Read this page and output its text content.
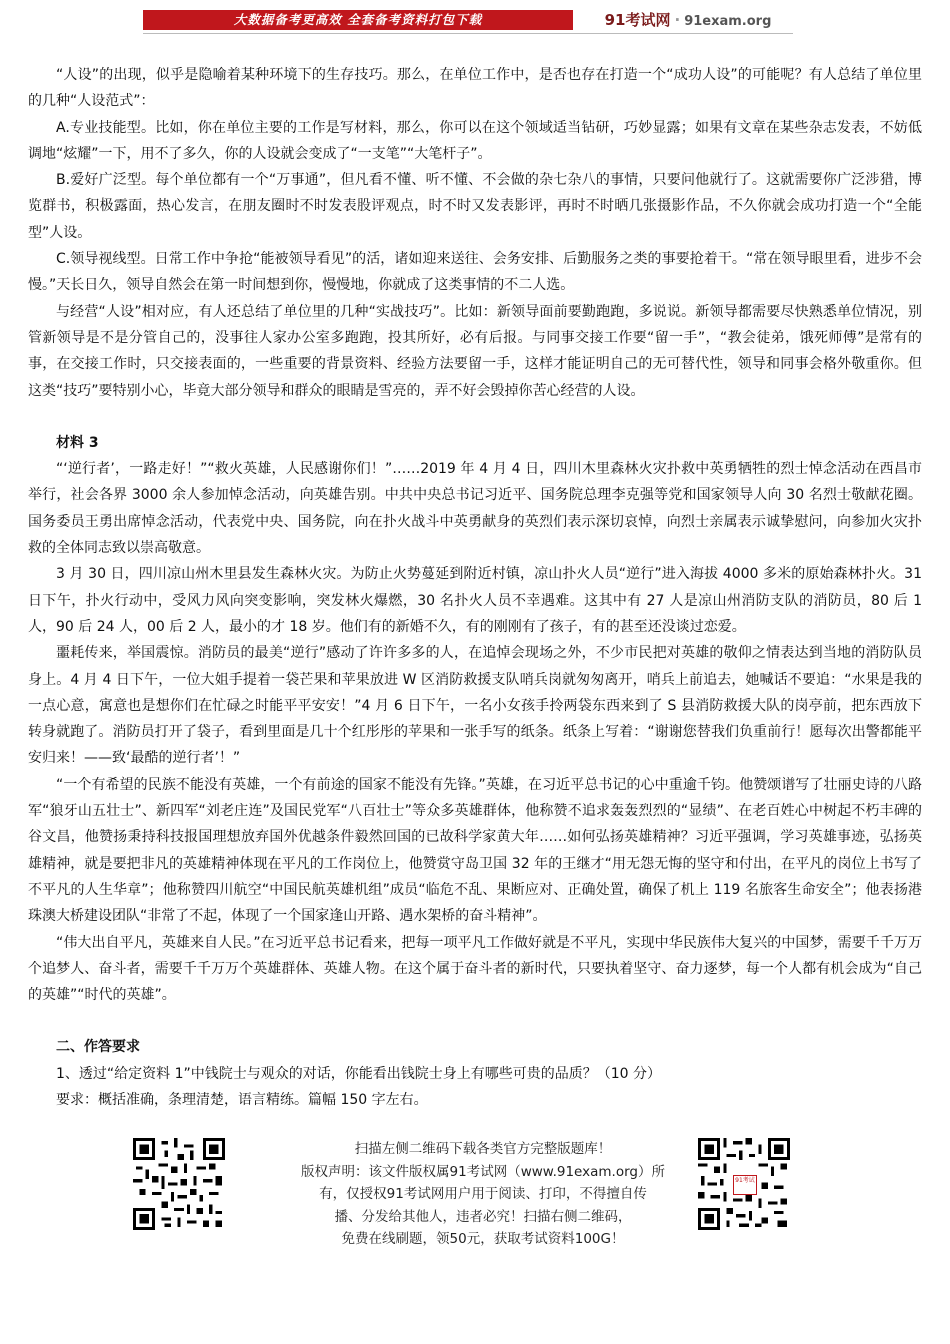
大数据备考更高效 全套备考资料打包下载	91考试网 · 91exam.org

“人设”的出现，似乎是隐喻着某种环境下的生存技巧。那么，在单位工作中，是否也存在打造一个“成功人设”的可能呢？有人总结了单位里的几种“人设范式”：

A.专业技能型。比如，你在单位主要的工作是写材料，那么，你可以在这个领域适当钻研，巧妙显露；如果有文章在某些杂志发表，不妨低调地“炫耀”一下，用不了多久，你的人设就会变成了“一支笔”“大笔杆子”。

B.爱好广泛型。每个单位都有一个“万事通”，但凡看不懂、听不懂、不会做的杂七杂八的事情，只要问他就行了。这就需要你广泛涉猎，博览群书，积极露面，热心发言，在朋友圈时不时发表股评观点，时不时又发表影评，再时不时晒几张摄影作品，不久你就会成功打造一个“全能型”人设。

C.领导视线型。日常工作中争抢“能被领导看见”的活，诸如迎来送往、会务安排、后勤服务之类的事要抢着干。“常在领导眼里看，进步不会慢。”天长日久，领导自然会在第一时间想到你，慢慢地，你就成了这类事情的不二人选。

与经营“人设”相对应，有人还总结了单位里的几种“实战技巧”。比如：新领导面前要勤跑跑，多说说。新领导都需要尽快熟悉单位情况，别管新领导是不是分管自己的，没事往人家办公室多跑跑，投其所好，必有后报。与同事交接工作要“留一手”，“教会徒弟，饿死师傅”是常有的事，在交接工作时，只交接表面的，一些重要的背景资料、经验方法要留一手，这样才能证明自己的无可替代性，领导和同事会格外敬重你。但这类“技巧”要特别小心，毕竟大部分领导和群众的眼睛是雪亮的，弄不好会毁掉你苦心经营的人设。

材料 3

“‘逆行者’，一路走好！”“救火英雄，人民感谢你们！”……2019 年 4 月 4 日，四川木里森林火灾扑救中英勇牺牲的烈士悼念活动在西昌市举行，社会各界 3000 余人参加悼念活动，向英雄告别。中共中央总书记习近平、国务院总理李克强等党和国家领导人向 30 名烈士敬献花圈。国务委员王勇出席悼念活动，代表党中央、国务院，向在扑火战斗中英勇献身的英烈们表示深切哀悼，向烈士亲属表示诚挚慰问，向参加火灾扑救的全体同志致以崇高敬意。

3 月 30 日，四川凉山州木里县发生森林火灾。为防止火势蔓延到附近村镇，凉山扑火人员“逆行”进入海拔 4000 多米的原始森林扑火。31 日下午，扑火行动中，受风力风向突变影响，突发林火爆燃，30 名扑火人员不幸遇难。这其中有 27 人是凉山州消防支队的消防员，80 后 1 人，90 后 24 人，00 后 2 人，最小的才 18 岁。他们有的新婚不久，有的刚刚有了孩子，有的甚至还没谈过恋爱。

噩耗传来，举国震惊。消防员的最美“逆行”感动了许许多多的人，在追悼会现场之外，不少市民把对英雄的敬仰之情表达到当地的消防队员身上。4 月 4 日下午，一位大姐手提着一袋芒果和苹果放进 W 区消防救援支队哨兵岗就匆匆离开，哨兵上前追去，她喊话不要追：“水果是我的一点心意，寓意也是想你们在忙碌之时能平平安安！”4 月 6 日下午，一名小女孩手拎两袋东西来到了 S 县消防救援大队的岗亭前，把东西放下转身就跑了。消防员打开了袋子，看到里面是几十个红彤彤的苹果和一张手写的纸条。纸条上写着：“谢谢您替我们负重前行！愿每次出警都能平安归来！——致‘最酷的逆行者’！”

“一个有希望的民族不能没有英雄，一个有前途的国家不能没有先锋。”英雄，在习近平总书记的心中重逾千钧。他赞颂谱写了壮丽史诗的八路军“狼牙山五壮士”、新四军“刘老庄连”及国民党军“八百壮士”等众多英雄群体，他称赞不追求轰轰烈烈的“显绩”、在老百姓心中树起不朽丰碑的谷文昌，他赞扬秉持科技报国理想放弃国外优越条件毅然回国的已故科学家黄大年……如何弘扬英雄精神？习近平强调，学习英雄事迹，弘扬英雄精神，就是要把非凡的英雄精神体现在平凡的工作岗位上，他赞赏守岛卫国 32 年的王继才“用无怨无悔的坚守和付出，在平凡的岗位上书写了不平凡的人生华章”；他称赞四川航空“中国民航英雄机组”成员“临危不乱、果断应对、正确处置，确保了机上 119 名旅客生命安全”；他表扬港珠澳大桥建设团队“非常了不起，体现了一个国家逢山开路、遇水架桥的奋斗精神”。

“伟大出自平凡，英雄来自人民。”在习近平总书记看来，把每一项平凡工作做好就是不平凡，实现中华民族伟大复兴的中国梦，需要千千万万个追梦人、奋斗者，需要千千万万个英雄群体、英雄人物。在这个属于奋斗者的新时代，只要执着坚守、奋力逐梦，每一个人都有机会成为“自己的英雄”“时代的英雄”。

二、作答要求

1、透过“给定资料 1”中钱院士与观众的对话，你能看出钱院士身上有哪些可贵的品质？（10 分）

要求：概括准确，条理清楚，语言精练。篇幅 150 字左右。

扫描左侧二维码下载各类官方完整版题库！
版权声明：该文件版权属91考试网（www.91exam.org）所
有，仅授权91考试网用户用于阅读、打印，不得擅自传
播、分发给其他人，违者必究！扫描右侧二维码，
免费在线刷题，领50元，获取考试资料100G！
91考试
